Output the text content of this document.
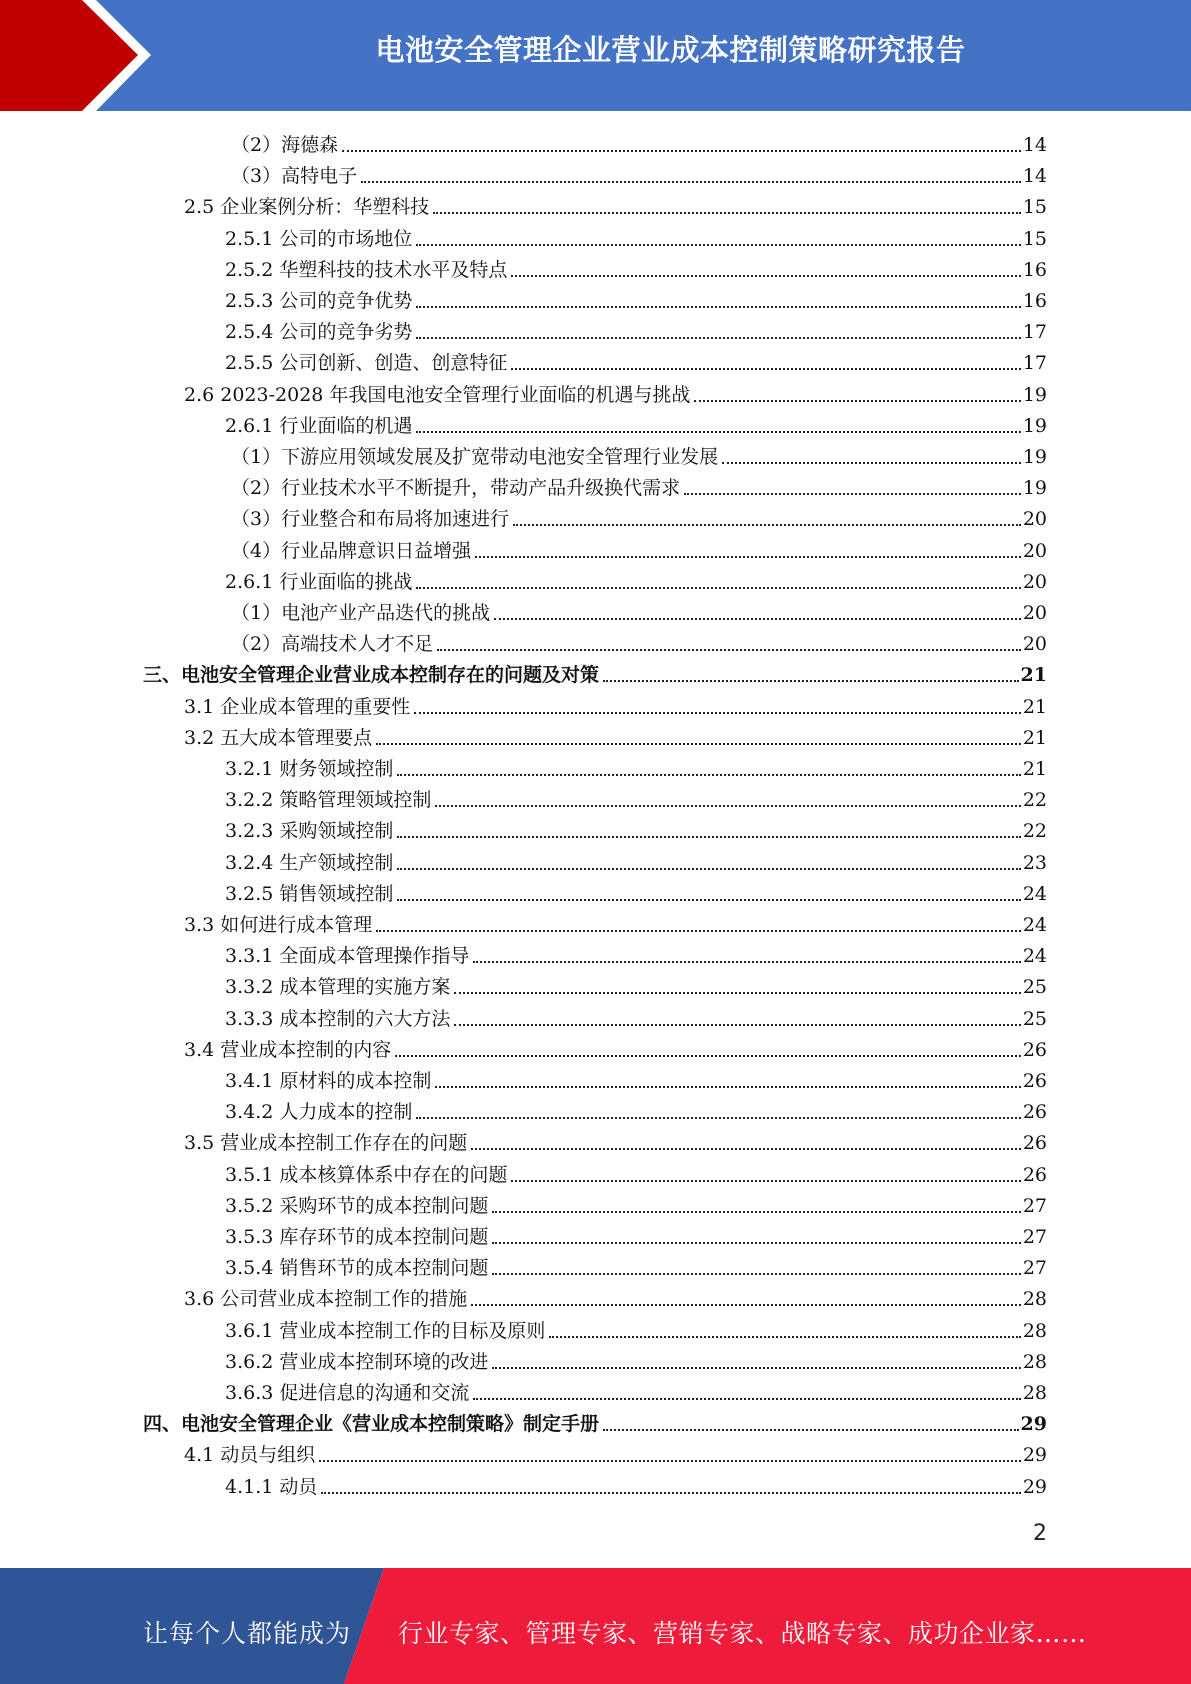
电池安全管理企业营业成本控制策略研究报告
（2）海德森	14
（3）高特电子	14
2.5 企业案例分析：华塑科技	15
2.5.1 公司的市场地位	15
2.5.2 华塑科技的技术水平及特点	16
2.5.3 公司的竞争优势	16
2.5.4 公司的竞争劣势	17
2.5.5 公司创新、创造、创意特征	17
2.6 2023-2028 年我国电池安全管理行业面临的机遇与挑战	19
2.6.1 行业面临的机遇	19
（1）下游应用领域发展及扩宽带动电池安全管理行业发展	19
（2）行业技术水平不断提升，带动产品升级换代需求	19
（3）行业整合和布局将加速进行	20
（4）行业品牌意识日益增强	20
2.6.1 行业面临的挑战	20
（1）电池产业产品迭代的挑战	20
（2）高端技术人才不足	20
三、电池安全管理企业营业成本控制存在的问题及对策	21
3.1 企业成本管理的重要性	21
3.2 五大成本管理要点	21
3.2.1 财务领域控制	21
3.2.2 策略管理领域控制	22
3.2.3 采购领域控制	22
3.2.4 生产领域控制	23
3.2.5 销售领域控制	24
3.3 如何进行成本管理	24
3.3.1 全面成本管理操作指导	24
3.3.2 成本管理的实施方案	25
3.3.3 成本控制的六大方法	25
3.4 营业成本控制的内容	26
3.4.1 原材料的成本控制	26
3.4.2 人力成本的控制	26
3.5 营业成本控制工作存在的问题	26
3.5.1 成本核算体系中存在的问题	26
3.5.2 采购环节的成本控制问题	27
3.5.3 库存环节的成本控制问题	27
3.5.4 销售环节的成本控制问题	27
3.6 公司营业成本控制工作的措施	28
3.6.1 营业成本控制工作的目标及原则	28
3.6.2 营业成本控制环境的改进	28
3.6.3 促进信息的沟通和交流	28
四、电池安全管理企业《营业成本控制策略》制定手册	29
4.1 动员与组织	29
4.1.1 动员	29
2
让每个人都能成为 行业专家、管理专家、营销专家、战略专家、成功企业家……
